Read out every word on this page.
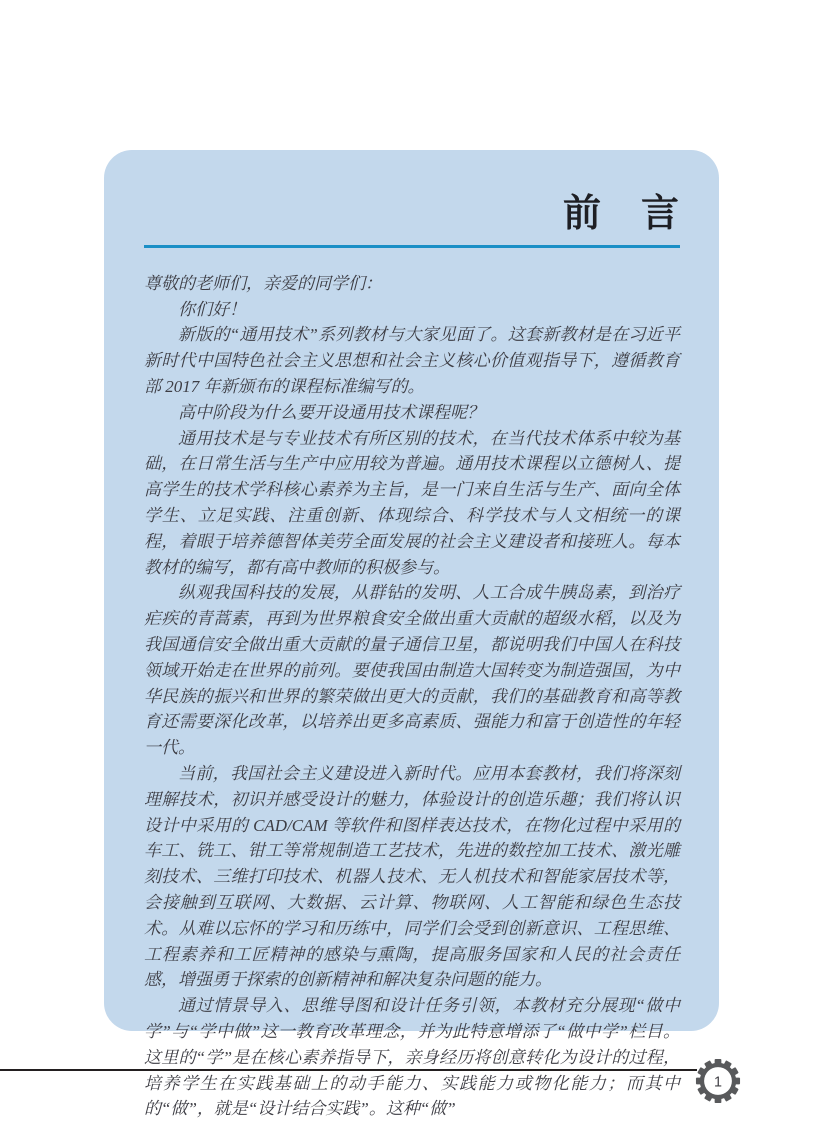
前　言

尊敬的老师们，亲爱的同学们：

你们好！

新版的“通用技术”系列教材与大家见面了。这套新教材是在习近平新时代中国特色社会主义思想和社会主义核心价值观指导下，遵循教育部 2017 年新颁布的课程标准编写的。

高中阶段为什么要开设通用技术课程呢？

通用技术是与专业技术有所区别的技术，在当代技术体系中较为基础，在日常生活与生产中应用较为普遍。通用技术课程以立德树人、提高学生的技术学科核心素养为主旨，是一门来自生活与生产、面向全体学生、立足实践、注重创新、体现综合、科学技术与人文相统一的课程，着眼于培养德智体美劳全面发展的社会主义建设者和接班人。每本教材的编写，都有高中教师的积极参与。

纵观我国科技的发展，从群钻的发明、人工合成牛胰岛素，到治疗疟疾的青蒿素，再到为世界粮食安全做出重大贡献的超级水稻，以及为我国通信安全做出重大贡献的量子通信卫星，都说明我们中国人在科技领域开始走在世界的前列。要使我国由制造大国转变为制造强国，为中华民族的振兴和世界的繁荣做出更大的贡献，我们的基础教育和高等教育还需要深化改革，以培养出更多高素质、强能力和富于创造性的年轻一代。

当前，我国社会主义建设进入新时代。应用本套教材，我们将深刻理解技术，初识并感受设计的魅力，体验设计的创造乐趣；我们将认识设计中采用的 CAD/CAM 等软件和图样表达技术，在物化过程中采用的车工、铣工、钳工等常规制造工艺技术，先进的数控加工技术、激光雕刻技术、三维打印技术、机器人技术、无人机技术和智能家居技术等，会接触到互联网、大数据、云计算、物联网、人工智能和绿色生态技术。从难以忘怀的学习和历练中，同学们会受到创新意识、工程思维、工程素养和工匠精神的感染与熏陶，提高服务国家和人民的社会责任感，增强勇于探索的创新精神和解决复杂问题的能力。

通过情景导入、思维导图和设计任务引领，本教材充分展现“做中学”与“学中做”这一教育改革理念，并为此特意增添了“做中学”栏目。这里的“学”是在核心素养指导下，亲身经历将创意转化为设计的过程，培养学生在实践基础上的动手能力、实践能力或物化能力；而其中的“做”，就是“设计结合实践”。这种“做”

1
